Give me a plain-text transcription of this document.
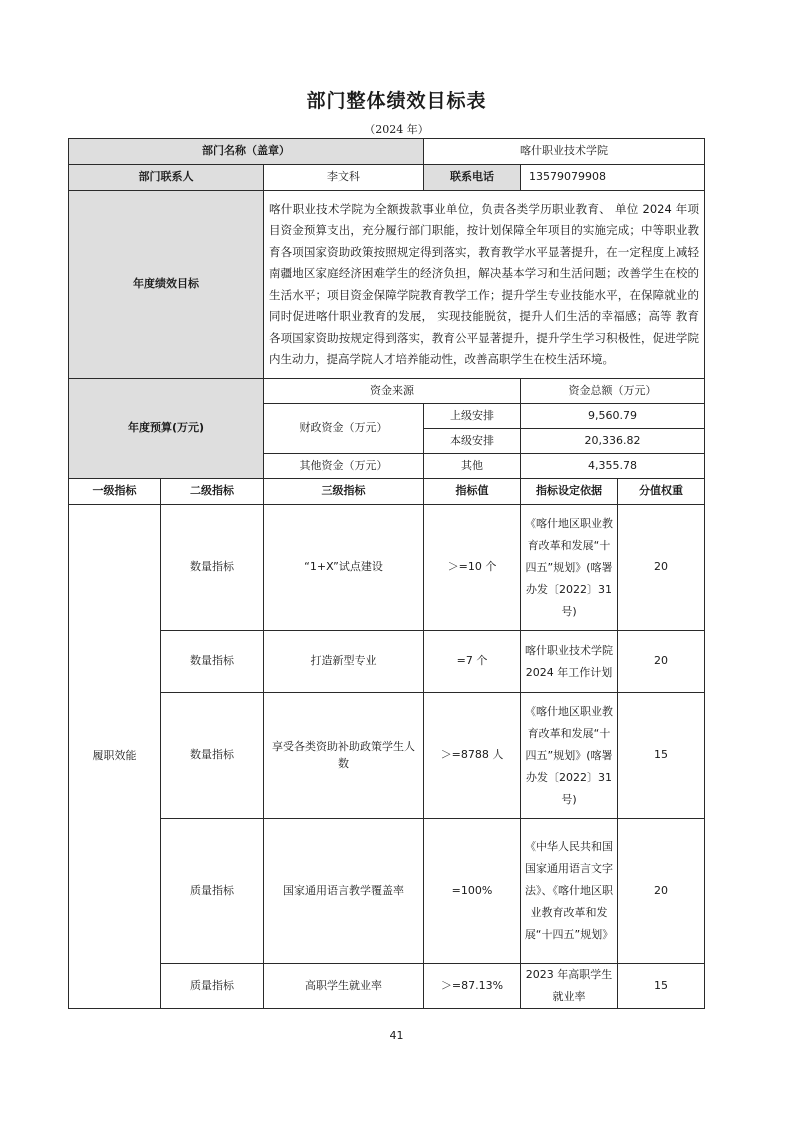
部门整体绩效目标表
（2024 年）
部门名称（盖章）			喀什职业技术学院		
部门联系人		李文科	联系电话	13579079908	
年度绩效目标		喀什职业技术学院为全额拨款事业单位，负责各类学历职业教育、 单位 2024 年项目资金预算支出，充分履行部门职能，按计划保障全年项目的实施完成；中等职业教育各项国家资助政策按照规定得到落实，教育教学水平显著提升，在一定程度上减轻南疆地区家庭经济困难学生的经济负担，解决基本学习和生活问题；改善学生在校的生活水平；项目资金保障学院教育教学工作；提升学生专业技能水平，在保障就业的同时促进喀什职业教育的发展， 实现技能脱贫，提升人们生活的幸福感；高等 教育各项国家资助按规定得到落实，教育公平显著提升，提升学生学习积极性，促进学院内生动力，提高学院人才培养能动性，改善高职学生在校生活环境。			
年度预算(万元)		资金来源		资金总额（万元）	
		财政资金（万元）	上级安排	9,560.79	
			本级安排	20,336.82	
		其他资金（万元）	其他	4,355.78	
一级指标	二级指标	三级指标	指标值	指标设定依据	分值权重
履职效能	数量指标	“1+X”试点建设	＞=10 个	《喀什地区职业教育改革和发展“十四五”规划》(喀署办发〔2022〕31号)	20
	数量指标	打造新型专业	=7 个	喀什职业技术学院 2024 年工作计划	20
	数量指标	享受各类资助补助政策学生人数	＞=8788 人	《喀什地区职业教育改革和发展“十四五”规划》(喀署办发〔2022〕31号)	15
	质量指标	国家通用语言教学覆盖率	=100%	《中华人民共和国国家通用语言文字法》、《喀什地区职业教育改革和发展“十四五”规划》	20
	质量指标	高职学生就业率	＞=87.13%	2023 年高职学生就业率	15
41
